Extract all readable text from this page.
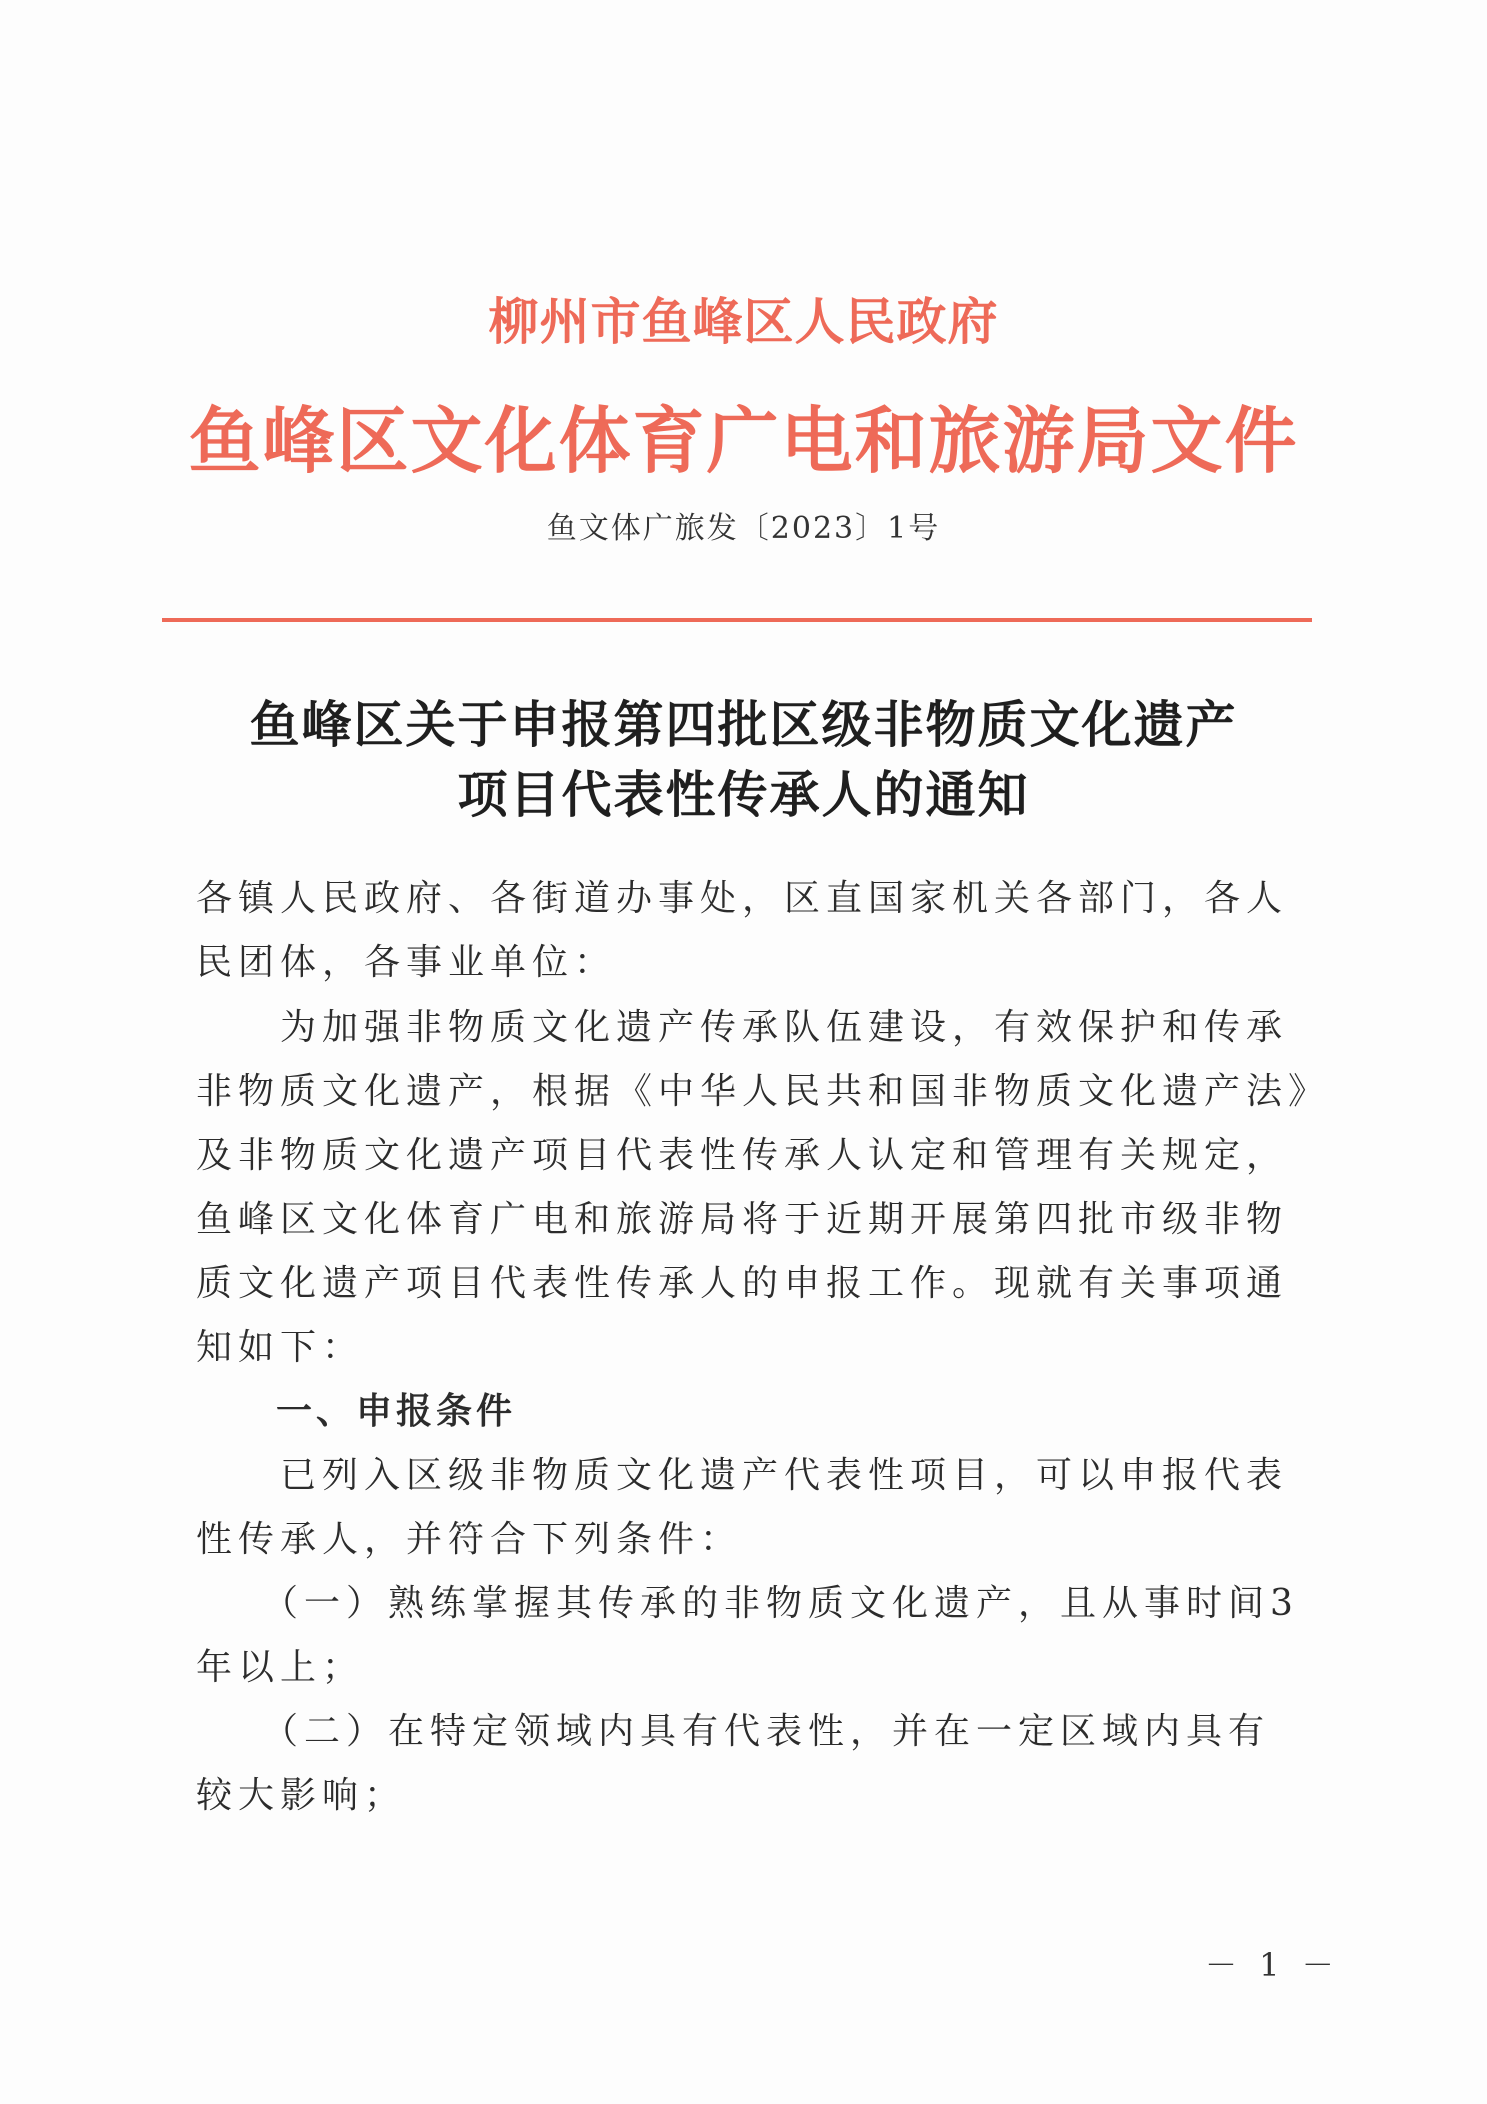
柳州市鱼峰区人民政府
鱼峰区文化体育广电和旅游局文件
鱼文体广旅发〔2023〕1号
鱼峰区关于申报第四批区级非物质文化遗产
项目代表性传承人的通知
各镇人民政府、各街道办事处，区直国家机关各部门，各人
民团体，各事业单位：
　　为加强非物质文化遗产传承队伍建设，有效保护和传承
非物质文化遗产，根据《中华人民共和国非物质文化遗产法》
及非物质文化遗产项目代表性传承人认定和管理有关规定，
鱼峰区文化体育广电和旅游局将于近期开展第四批市级非物
质文化遗产项目代表性传承人的申报工作。现就有关事项通
知如下：
　　一、申报条件
　　已列入区级非物质文化遗产代表性项目，可以申报代表
性传承人，并符合下列条件：
　　（一）熟练掌握其传承的非物质文化遗产，且从事时间3
年以上；
　　（二）在特定领域内具有代表性，并在一定区域内具有
较大影响；
－ 1 －
